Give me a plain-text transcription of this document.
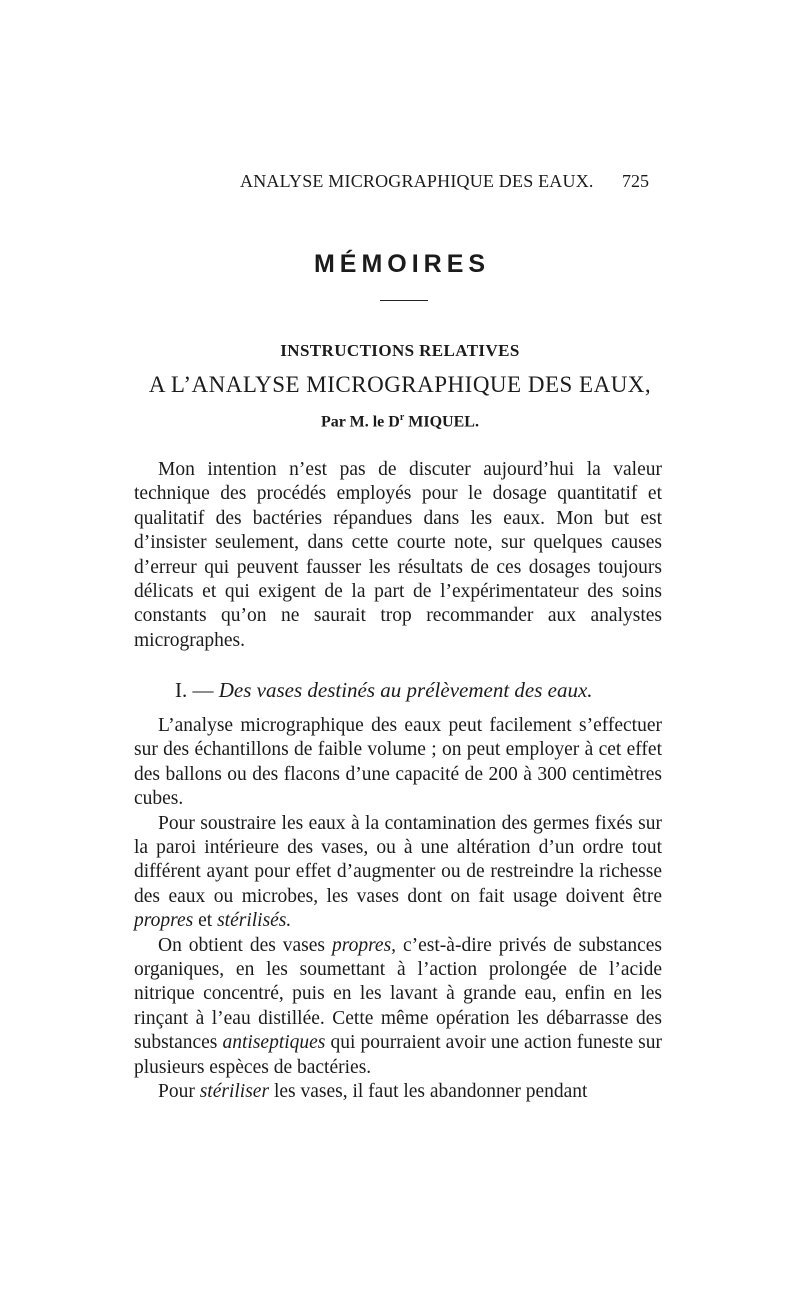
ANALYSE MICROGRAPHIQUE DES EAUX. 725
MÉMOIRES
INSTRUCTIONS RELATIVES
A L’ANALYSE MICROGRAPHIQUE DES EAUX,
Par M. le $D^r$ MIQUEL.

Mon intention n’est pas de discuter aujourd’hui la valeur technique des procédés employés pour le dosage quantitatif et qualitatif des bactéries répandues dans les eaux. Mon but est d’insister seulement, dans cette courte note, sur quelques causes d’erreur qui peuvent fausser les résultats de ces dosages toujours délicats et qui exigent de la part de l’expérimentateur des soins constants qu’on ne saurait trop recommander aux analystes micrographes.

I. — Des vases destinés au prélèvement des eaux.

L’analyse micrographique des eaux peut facilement s’effectuer sur des échantillons de faible volume ; on peut employer à cet effet des ballons ou des flacons d’une capacité de 200 à 300 centimètres cubes.

Pour soustraire les eaux à la contamination des germes fixés sur la paroi intérieure des vases, ou à une altération d’un ordre tout différent ayant pour effet d’augmenter ou de restreindre la richesse des eaux ou microbes, les vases dont on fait usage doivent être propres et stérilisés.

On obtient des vases propres, c’est-à-dire privés de substances organiques, en les soumettant à l’action prolongée de l’acide nitrique concentré, puis en les lavant à grande eau, enfin en les rinçant à l’eau distillée. Cette même opération les débarrasse des substances antiseptiques qui pourraient avoir une action funeste sur plusieurs espèces de bactéries.

Pour stériliser les vases, il faut les abandonner pendant
